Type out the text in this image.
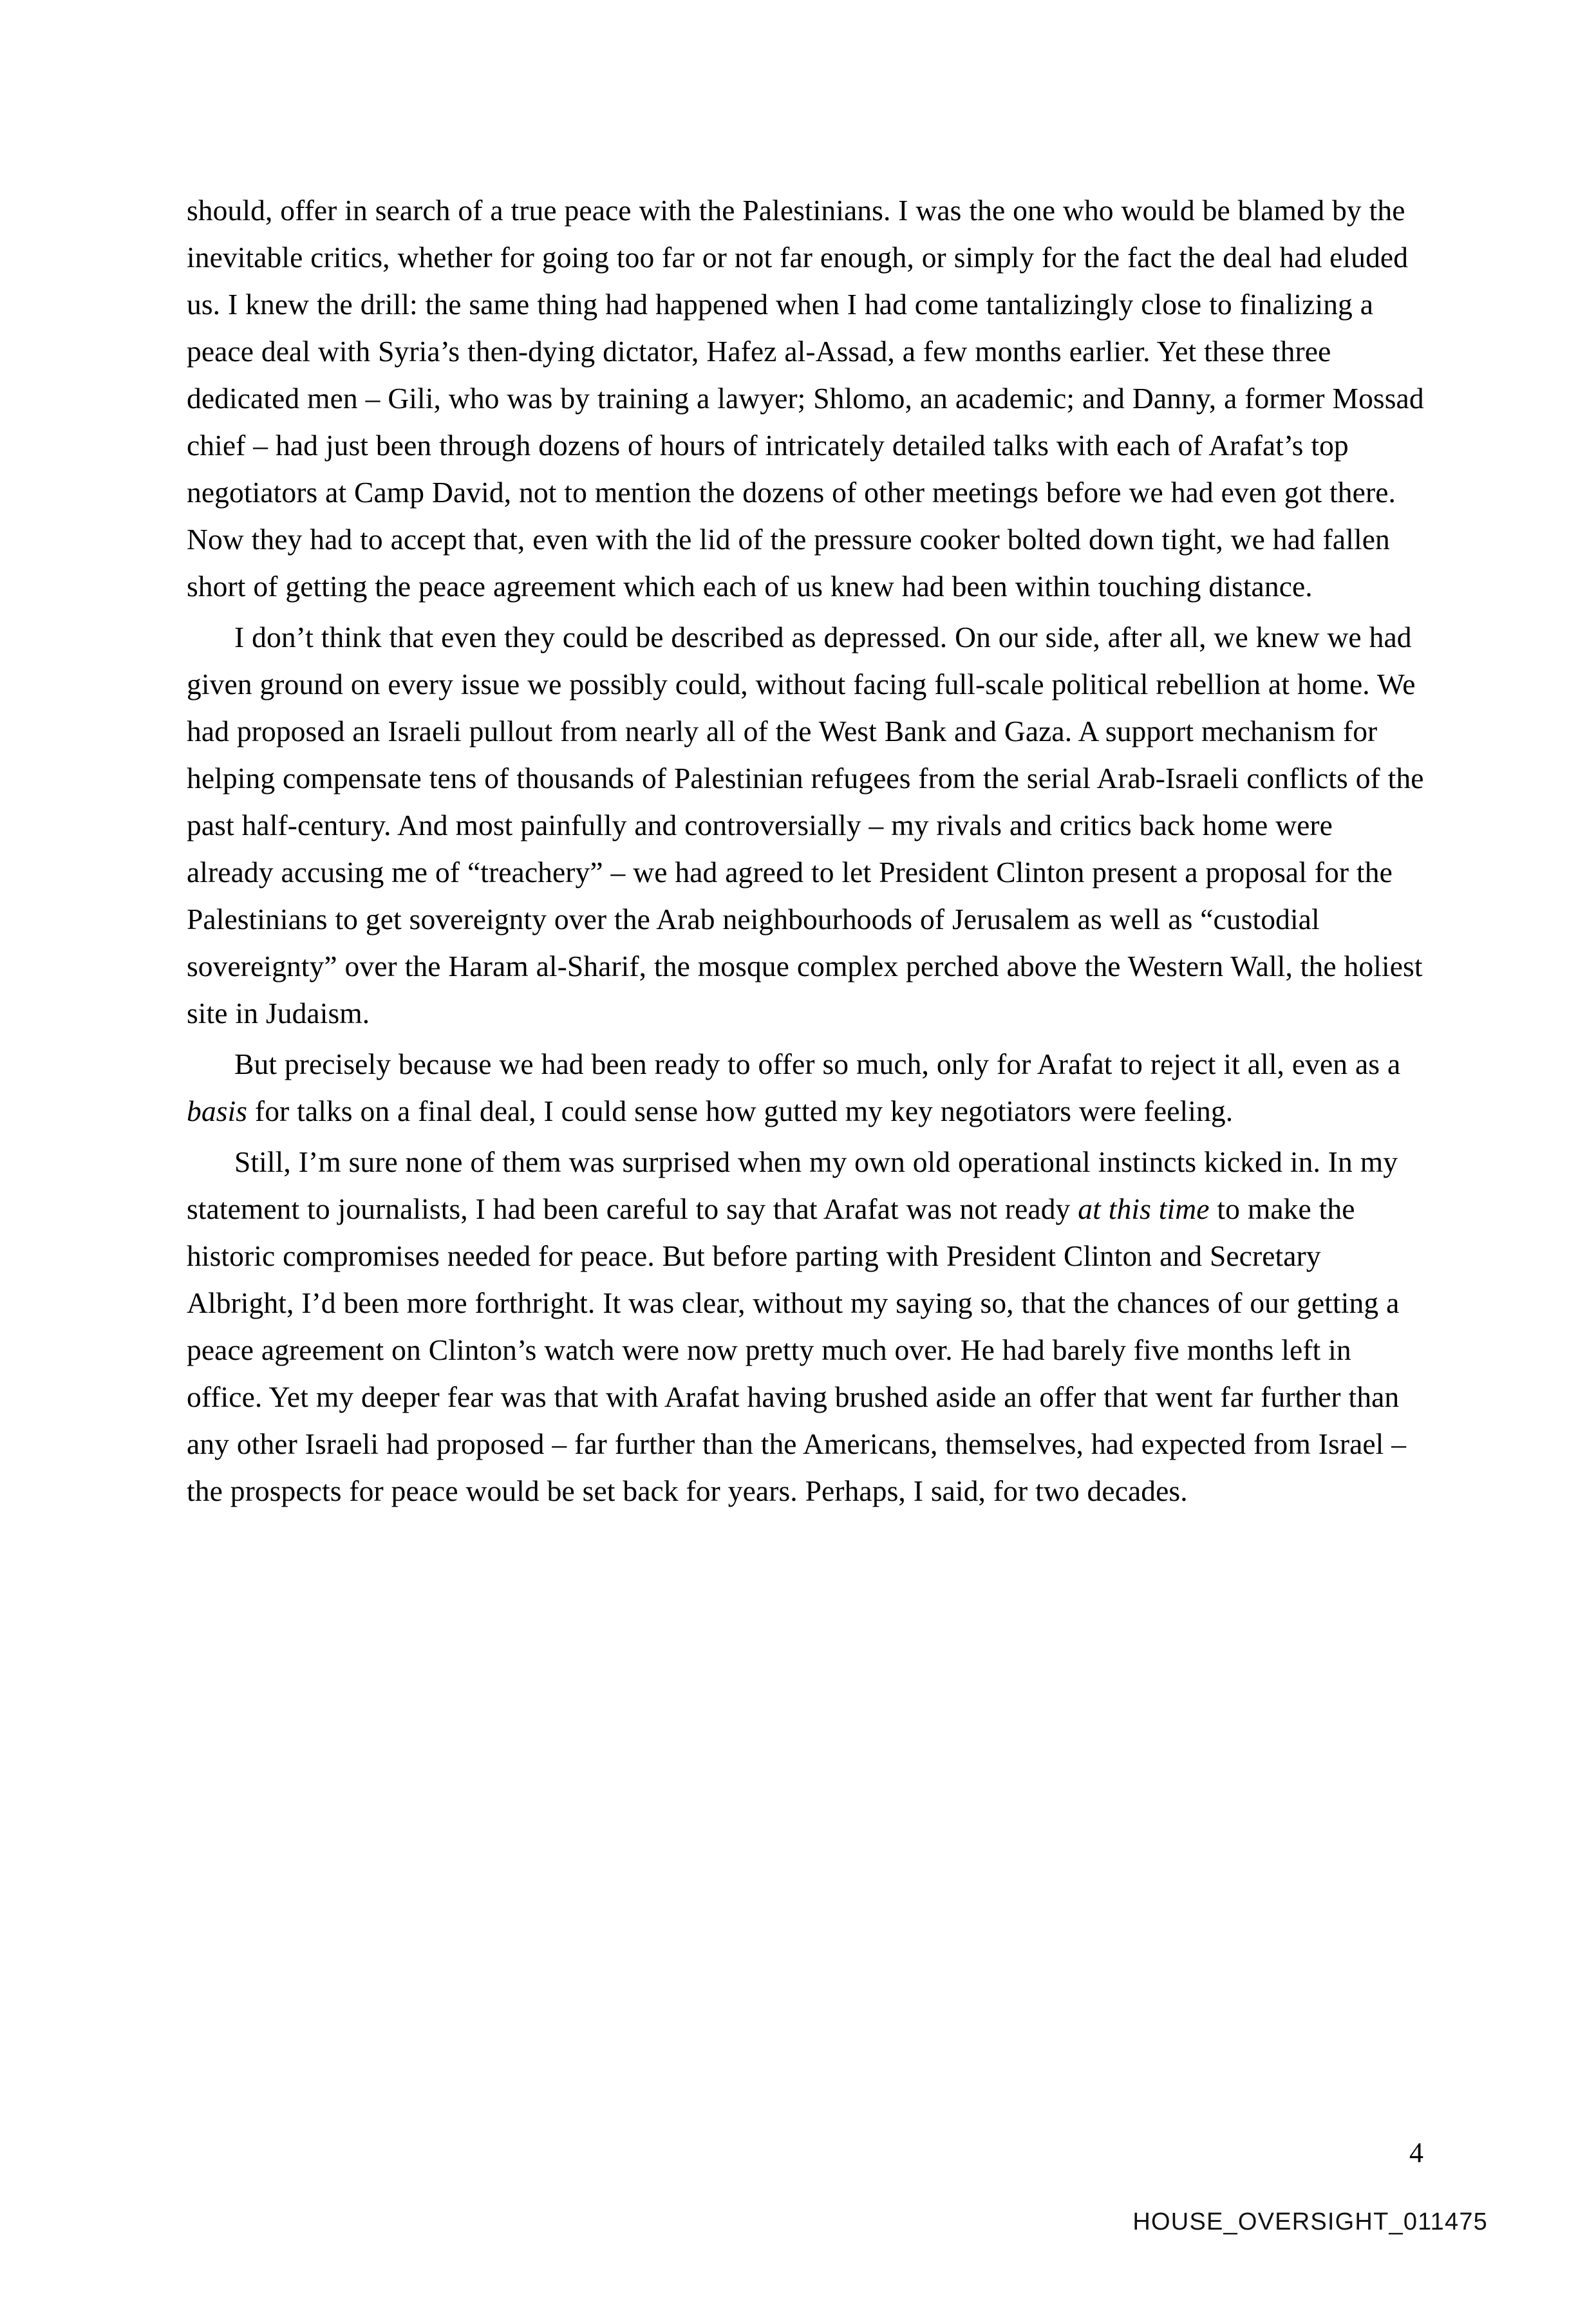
should, offer in search of a true peace with the Palestinians. I was the one who would be blamed by the inevitable critics, whether for going too far or not far enough, or simply for the fact the deal had eluded us. I knew the drill: the same thing had happened when I had come tantalizingly close to finalizing a peace deal with Syria’s then-dying dictator, Hafez al-Assad, a few months earlier. Yet these three dedicated men – Gili, who was by training a lawyer; Shlomo, an academic; and Danny, a former Mossad chief – had just been through dozens of hours of intricately detailed talks with each of Arafat’s top negotiators at Camp David, not to mention the dozens of other meetings before we had even got there. Now they had to accept that, even with the lid of the pressure cooker bolted down tight, we had fallen short of getting the peace agreement which each of us knew had been within touching distance.

I don’t think that even they could be described as depressed. On our side, after all, we knew we had given ground on every issue we possibly could, without facing full-scale political rebellion at home. We had proposed an Israeli pullout from nearly all of the West Bank and Gaza. A support mechanism for helping compensate tens of thousands of Palestinian refugees from the serial Arab-Israeli conflicts of the past half-century. And most painfully and controversially – my rivals and critics back home were already accusing me of “treachery” – we had agreed to let President Clinton present a proposal for the Palestinians to get sovereignty over the Arab neighbourhoods of Jerusalem as well as “custodial sovereignty” over the Haram al-Sharif, the mosque complex perched above the Western Wall, the holiest site in Judaism.

But precisely because we had been ready to offer so much, only for Arafat to reject it all, even as a basis for talks on a final deal, I could sense how gutted my key negotiators were feeling.

Still, I’m sure none of them was surprised when my own old operational instincts kicked in. In my statement to journalists, I had been careful to say that Arafat was not ready at this time to make the historic compromises needed for peace. But before parting with President Clinton and Secretary Albright, I’d been more forthright. It was clear, without my saying so, that the chances of our getting a peace agreement on Clinton’s watch were now pretty much over. He had barely five months left in office. Yet my deeper fear was that with Arafat having brushed aside an offer that went far further than any other Israeli had proposed – far further than the Americans, themselves, had expected from Israel – the prospects for peace would be set back for years. Perhaps, I said, for two decades.

4
HOUSE_OVERSIGHT_011475
